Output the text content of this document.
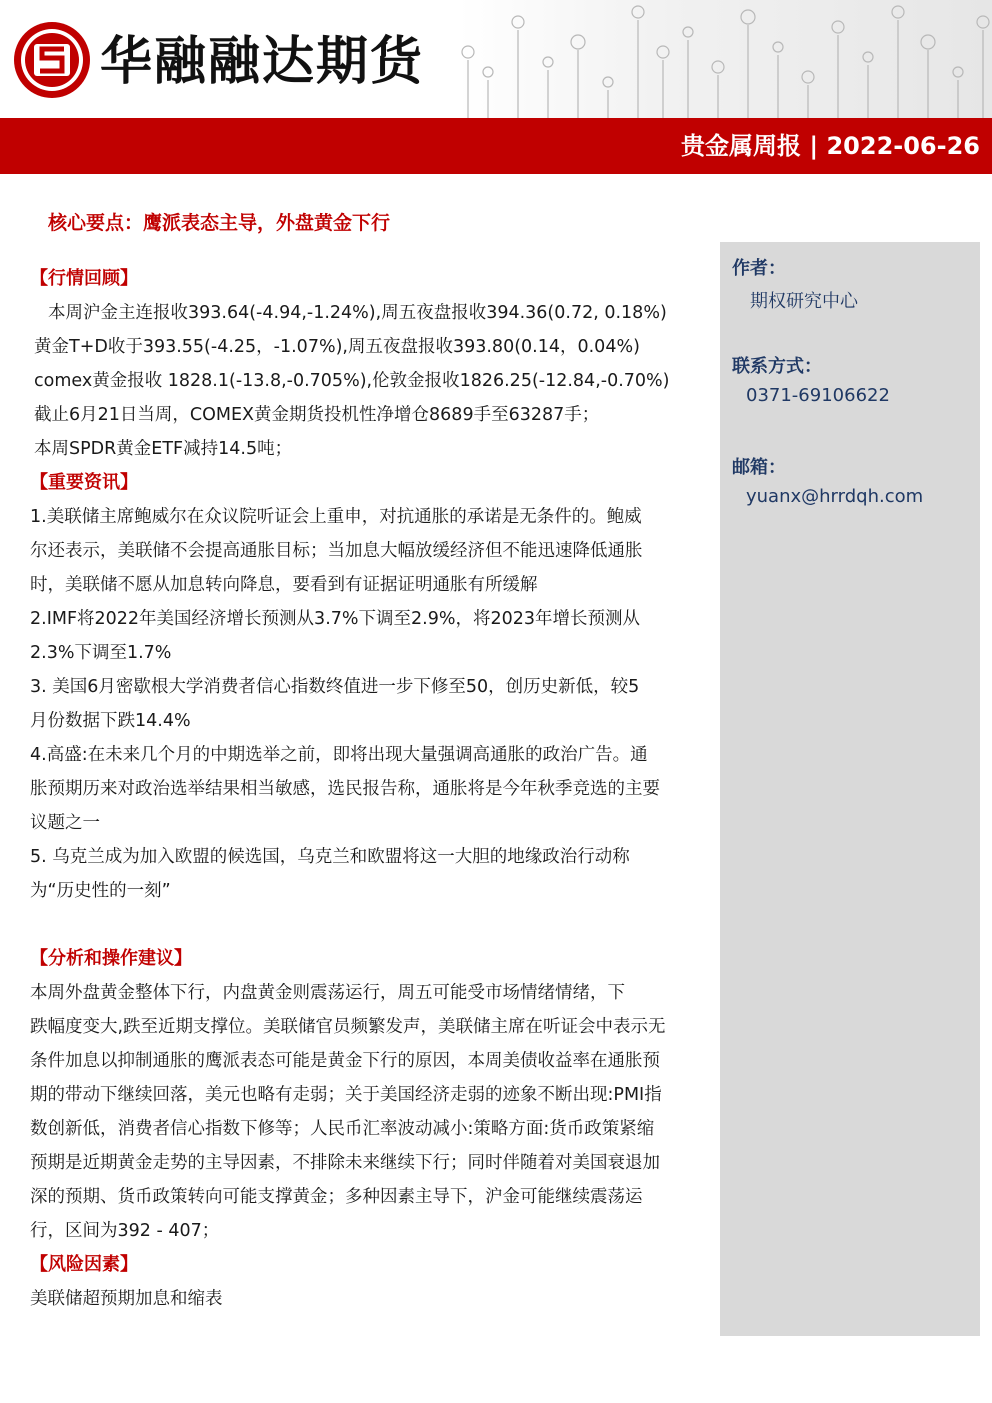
华融融达期货
贵金属周报 | 2022-06-26
核心要点：鹰派表态主导，外盘黄金下行
作者：
期权研究中心
联系方式：
0371-69106622
邮箱：
yuanx@hrrdqh.com
【行情回顾】
本周沪金主连报收393.64(-4.94,-1.24%),周五夜盘报收394.36(0.72, 0.18%)
黄金T+D收于393.55(-4.25，-1.07%),周五夜盘报收393.80(0.14，0.04%)
comex黄金报收 1828.1(-13.8,-0.705%),伦敦金报收1826.25(-12.84,-0.70%)
截止6月21日当周，COMEX黄金期货投机性净增仓8689手至63287手；
本周SPDR黄金ETF减持14.5吨；
【重要资讯】
1.美联储主席鲍威尔在众议院听证会上重申，对抗通胀的承诺是无条件的。鲍威
尔还表示，美联储不会提高通胀目标；当加息大幅放缓经济但不能迅速降低通胀
时，美联储不愿从加息转向降息，要看到有证据证明通胀有所缓解
2.IMF将2022年美国经济增长预测从3.7%下调至2.9%，将2023年增长预测从
2.3%下调至1.7%
3. 美国6月密歇根大学消费者信心指数终值进一步下修至50，创历史新低，较5
月份数据下跌14.4%
4.高盛:在未来几个月的中期选举之前，即将出现大量强调高通胀的政治广告。通
胀预期历来对政治选举结果相当敏感，选民报告称，通胀将是今年秋季竞选的主要
议题之一
5. 乌克兰成为加入欧盟的候选国，乌克兰和欧盟将这一大胆的地缘政治行动称
为“历史性的一刻”
【分析和操作建议】
本周外盘黄金整体下行，内盘黄金则震荡运行，周五可能受市场情绪情绪，下
跌幅度变大,跌至近期支撑位。美联储官员频繁发声，美联储主席在听证会中表示无
条件加息以抑制通胀的鹰派表态可能是黄金下行的原因，本周美债收益率在通胀预
期的带动下继续回落，美元也略有走弱；关于美国经济走弱的迹象不断出现:PMI指
数创新低，消费者信心指数下修等；人民币汇率波动减小:策略方面:货币政策紧缩
预期是近期黄金走势的主导因素，不排除未来继续下行；同时伴随着对美国衰退加
深的预期、货币政策转向可能支撑黄金；多种因素主导下，沪金可能继续震荡运
行，区间为392 - 407；
【风险因素】
美联储超预期加息和缩表
